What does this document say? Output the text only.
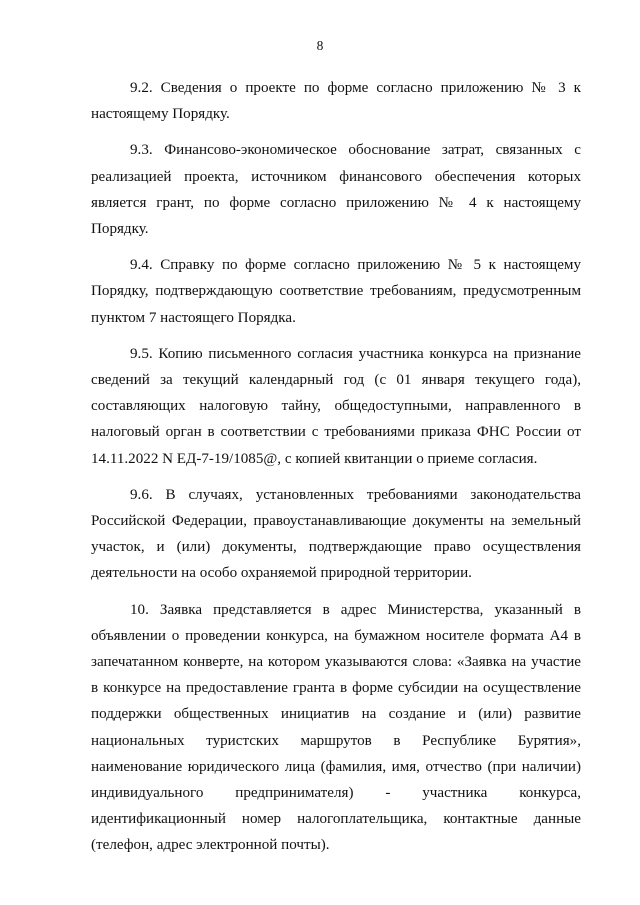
8

9.2. Сведения о проекте по форме согласно приложению № 3 к настоящему Порядку.

9.3. Финансово-экономическое обоснование затрат, связанных с реализацией проекта, источником финансового обеспечения которых является грант, по форме согласно приложению № 4 к настоящему Порядку.

9.4. Справку по форме согласно приложению № 5 к настоящему Порядку, подтверждающую соответствие требованиям, предусмотренным пунктом 7 настоящего Порядка.

9.5. Копию письменного согласия участника конкурса на признание сведений за текущий календарный год (с 01 января текущего года), составляющих налоговую тайну, общедоступными, направленного в налоговый орган в соответствии с требованиями приказа ФНС России от 14.11.2022 N ЕД-7-19/1085@, с копией квитанции о приеме согласия.

9.6. В случаях, установленных требованиями законодательства Российской Федерации, правоустанавливающие документы на земельный участок, и (или) документы, подтверждающие право осуществления деятельности на особо охраняемой природной территории.

10. Заявка представляется в адрес Министерства, указанный в объявлении о проведении конкурса, на бумажном носителе формата А4 в запечатанном конверте, на котором указываются слова: «Заявка на участие в конкурсе на предоставление гранта в форме субсидии на осуществление поддержки общественных инициатив на создание и (или) развитие национальных туристских маршрутов в Республике Бурятия», наименование юридического лица (фамилия, имя, отчество (при наличии) индивидуального предпринимателя) - участника конкурса, идентификационный номер налогоплательщика, контактные данные (телефон, адрес электронной почты).
